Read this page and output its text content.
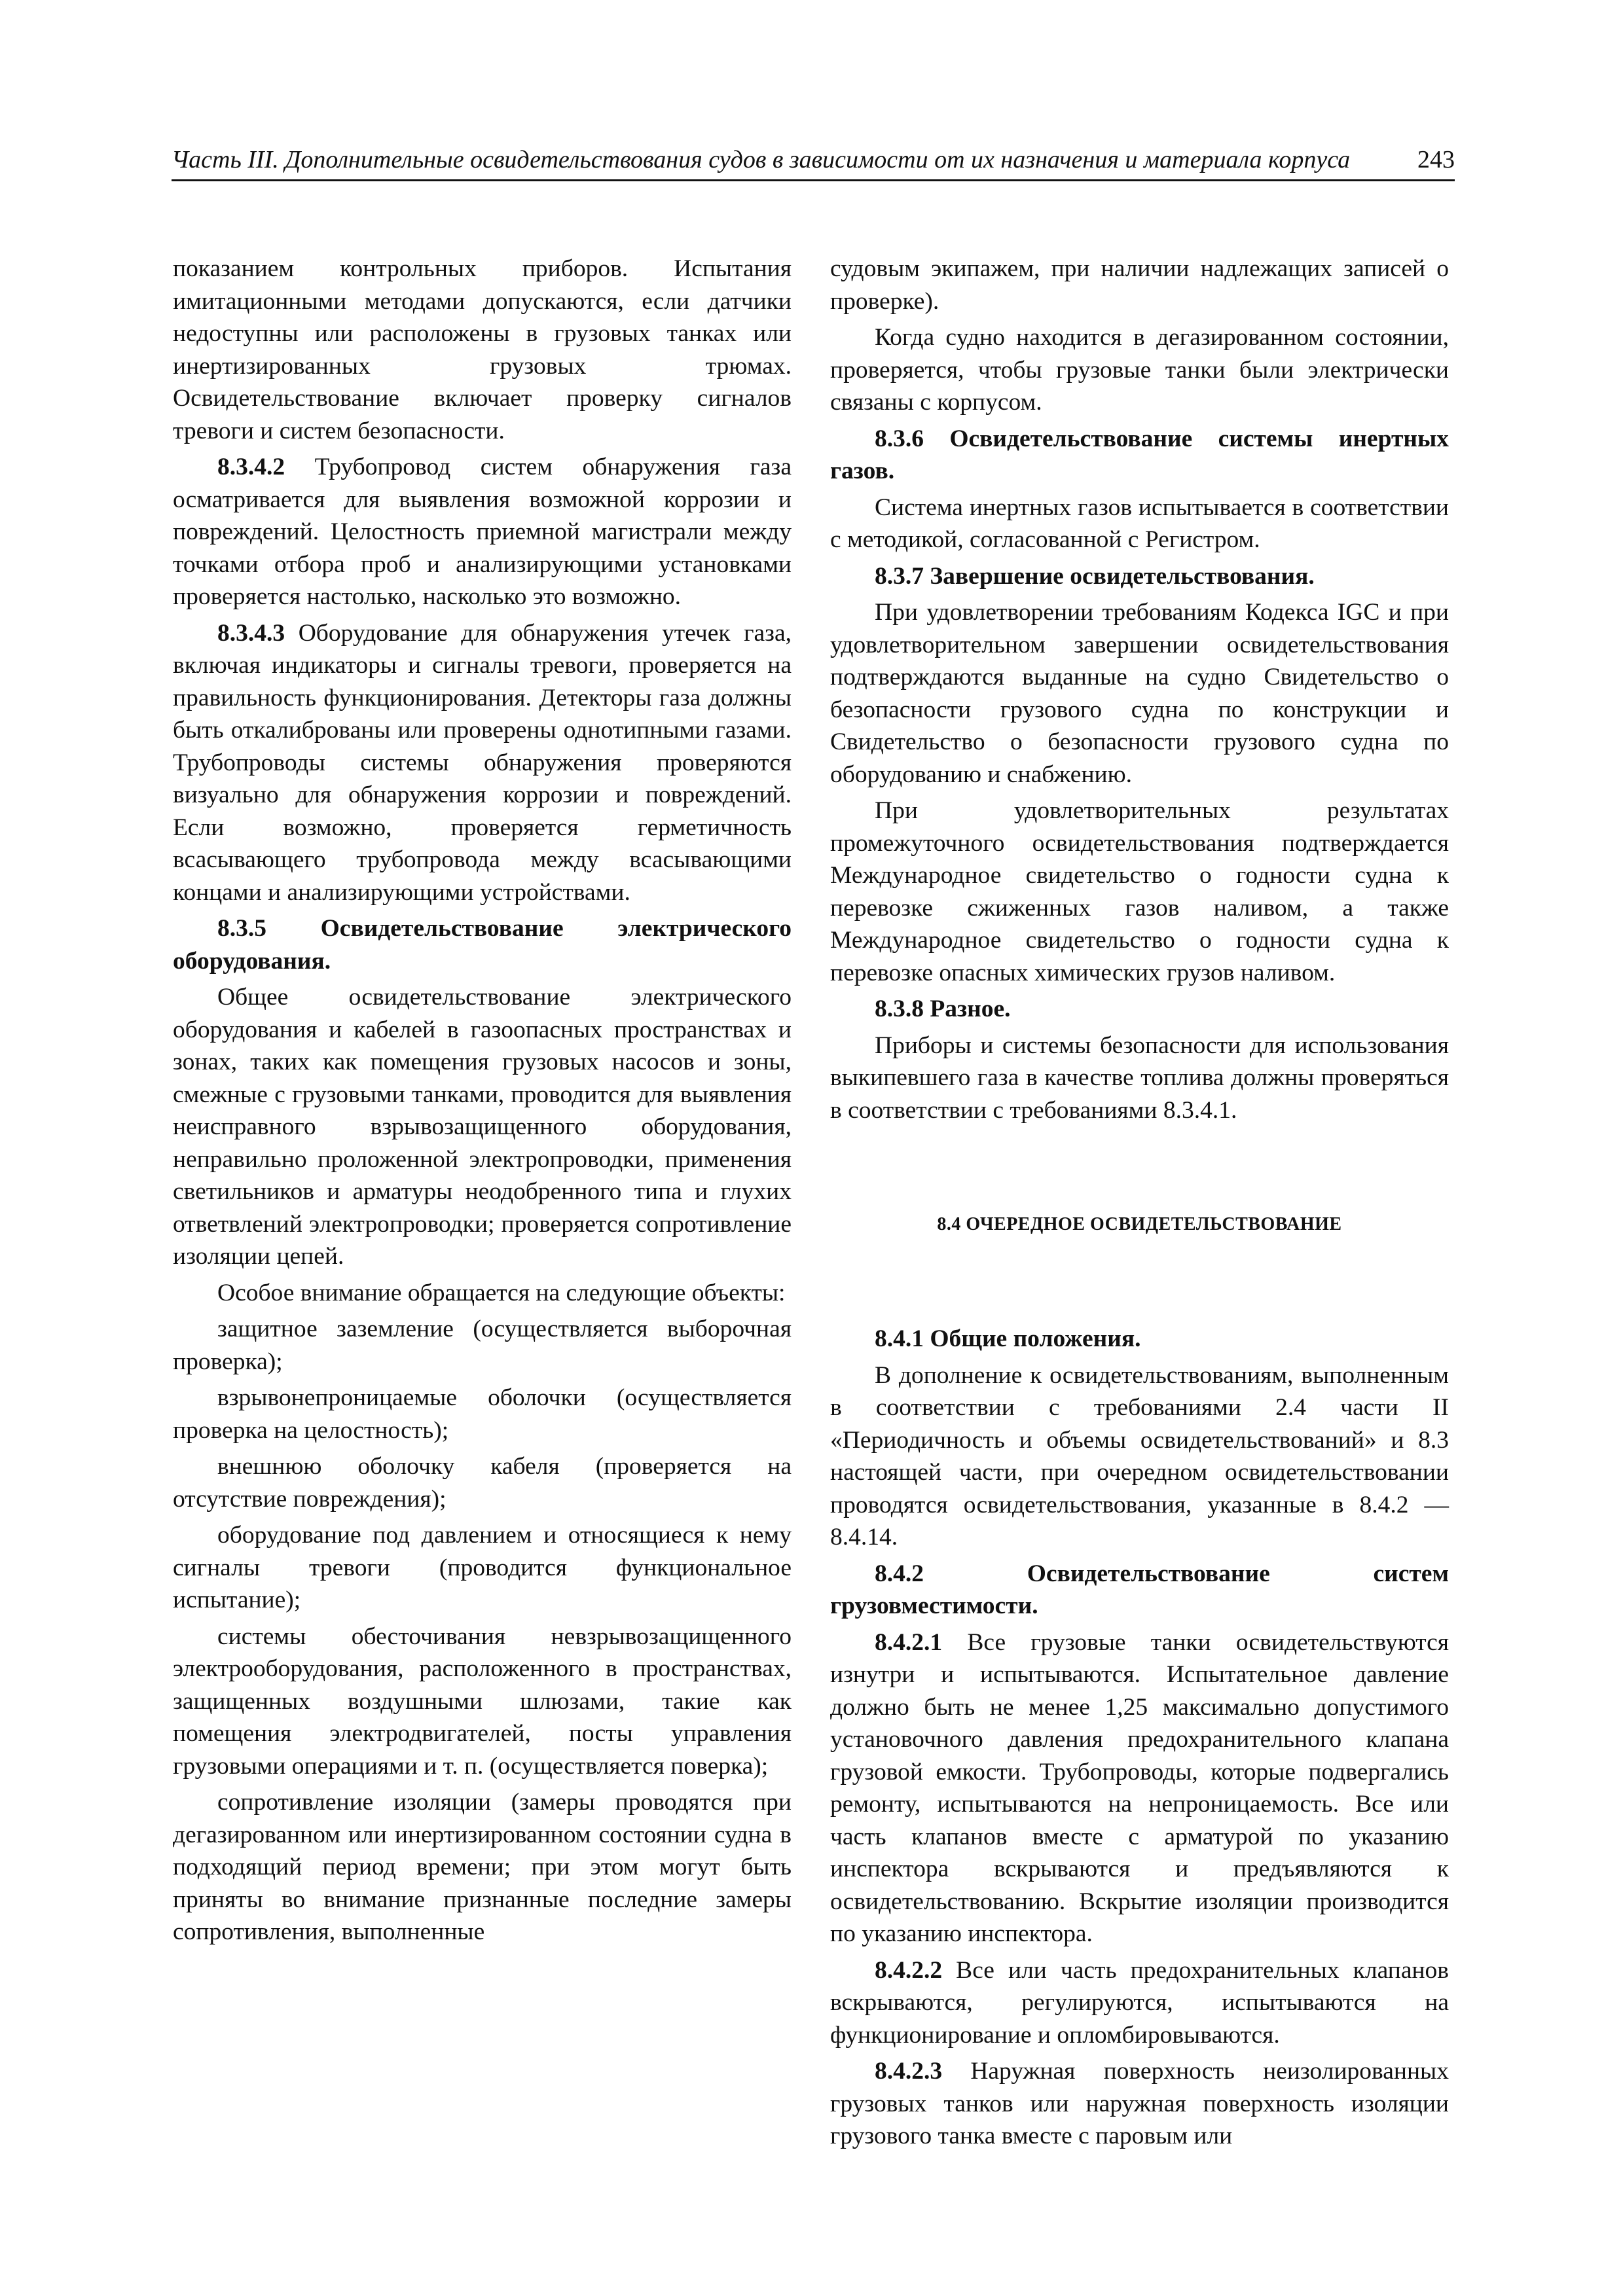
Часть III. Дополнительные освидетельствования судов в зависимости от их назначения и материала корпуса	243

показанием контрольных приборов. Испытания имитационными методами допускаются, если датчики недоступны или расположены в грузовых танках или инертизированных грузовых трюмах. Освидетельствование включает проверку сигналов тревоги и систем безопасности.

8.3.4.2 Трубопровод систем обнаружения газа осматривается для выявления возможной коррозии и повреждений. Целостность приемной магистрали между точками отбора проб и анализирующими установками проверяется настолько, насколько это возможно.

8.3.4.3 Оборудование для обнаружения утечек газа, включая индикаторы и сигналы тревоги, проверяется на правильность функционирования. Детекторы газа должны быть откалиброваны или проверены однотипными газами. Трубопроводы системы обнаружения проверяются визуально для обнаружения коррозии и повреждений. Если возможно, проверяется герметичность всасывающего трубопровода между всасывающими концами и анализирующими устройствами.

8.3.5 Освидетельствование электрического оборудования.

Общее освидетельствование электрического оборудования и кабелей в газоопасных пространствах и зонах, таких как помещения грузовых насосов и зоны, смежные с грузовыми танками, проводится для выявления неисправного взрывозащищенного оборудования, неправильно проложенной электропроводки, применения светильников и арматуры неодобренного типа и глухих ответвлений электропроводки; проверяется сопротивление изоляции цепей.

Особое внимание обращается на следующие объекты:

защитное заземление (осуществляется выборочная проверка);

взрывонепроницаемые оболочки (осуществляется проверка на целостность);

внешнюю оболочку кабеля (проверяется на отсутствие повреждения);

оборудование под давлением и относящиеся к нему сигналы тревоги (проводится функциональное испытание);

системы обесточивания невзрывозащищенного электрооборудования, расположенного в пространствах, защищенных воздушными шлюзами, такие как помещения электродвигателей, посты управления грузовыми операциями и т. п. (осуществляется поверка);

сопротивление изоляции (замеры проводятся при дегазированном или инертизированном состоянии судна в подходящий период времени; при этом могут быть приняты во внимание признанные последние замеры сопротивления, выполненные

судовым экипажем, при наличии надлежащих записей о проверке).

Когда судно находится в дегазированном состоянии, проверяется, чтобы грузовые танки были электрически связаны с корпусом.

8.3.6 Освидетельствование системы инертных газов.

Система инертных газов испытывается в соответствии с методикой, согласованной с Регистром.

8.3.7 Завершение освидетельствования.

При удовлетворении требованиям Кодекса IGC и при удовлетворительном завершении освидетельствования подтверждаются выданные на судно Свидетельство о безопасности грузового судна по конструкции и Свидетельство о безопасности грузового судна по оборудованию и снабжению.

При удовлетворительных результатах промежуточного освидетельствования подтверждается Международное свидетельство о годности судна к перевозке сжиженных газов наливом, а также Международное свидетельство о годности судна к перевозке опасных химических грузов наливом.

8.3.8 Разное.

Приборы и системы безопасности для использования выкипевшего газа в качестве топлива должны проверяться в соответствии с требованиями 8.3.4.1.

8.4 ОЧЕРЕДНОЕ ОСВИДЕТЕЛЬСТВОВАНИЕ
8.4.1 Общие положения.

В дополнение к освидетельствованиям, выполненным в соответствии с требованиями 2.4 части II «Периодичность и объемы освидетельствований» и 8.3 настоящей части, при очередном освидетельствовании проводятся освидетельствования, указанные в 8.4.2 — 8.4.14.

8.4.2 Освидетельствование систем грузовместимости.

8.4.2.1 Все грузовые танки освидетельствуются изнутри и испытываются. Испытательное давление должно быть не менее 1,25 максимально допустимого установочного давления предохранительного клапана грузовой емкости. Трубопроводы, которые подвергались ремонту, испытываются на непроницаемость. Все или часть клапанов вместе с арматурой по указанию инспектора вскрываются и предъявляются к освидетельствованию. Вскрытие изоляции производится по указанию инспектора.

8.4.2.2 Все или часть предохранительных клапанов вскрываются, регулируются, испытываются на функционирование и опломбировываются.

8.4.2.3 Наружная поверхность неизолированных грузовых танков или наружная поверхность изоляции грузового танка вместе с паровым или
